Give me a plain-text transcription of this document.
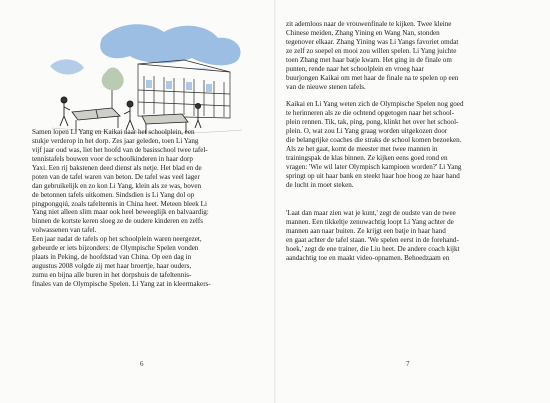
Samen lopen Li Yang en Kaikai naar het schoolplein, een
stukje verderop in het dorp. Zes jaar geleden, toen Li Yang
vijf jaar oud was, liet het hoofd van de basisschool twee tafel-
tennistafels bouwen voor de schoolkinderen in haar dorp
Yaxi. Een rij bakstenen deed dienst als netje. Het blad en de
poten van de tafel waren van beton. De tafel was veel lager
dan gebruikelijk en zo kon Li Yang, klein als ze was, boven
de betonnen tafels uitkomen. Sindsdien is Li Yang dol op
pingpongqiú, zoals tafeltennis in China heet. Meteen bleek Li
Yang niet alleen slim maar ook heel beweeglijk en balvaardig:
binnen de kortste keren sloeg ze de oudere kinderen en zelfs
volwassenen van tafel.
Een jaar nadat de tafels op het schoolplein waren neergezet,
gebeurde er iets bijzonders: de Olympische Spelen vonden
plaats in Peking, de hoofdstad van China. Op een dag in
augustus 2008 volgde zij met haar broertje, haar ouders,
zumu en bijna alle buren in het dorpshuis de tafeltennis-
finales van de Olympische Spelen. Li Yang zat in kleermakers-
6
zit ademloos naar de vrouwenfinale te kijken. Twee kleine
Chinese meiden, Zhang Yining en Wang Nan, stonden
tegenover elkaar. Zhang Yining was Li Yangs favoriet omdat
ze zelf zo soepel en mooi zou willen spelen. Li Yang juichte
toen Zhang met haar batje kwam. Het ging in de finale om
punten, rende naar het schoolplein en vroeg haar
buurjongen Kaikai om met haar de finale na te spelen op een
van de nieuwe stenen tafels.
Kaikai en Li Yang weten zich de Olympische Spelen nog goed
te herinneren als ze die ochtend opgetogen naar het school-
plein rennen. Tik, tak, ping, pong, klinkt het over het school-
plein. O, wat zou Li Yang graag worden uitgekozen door
die belangrijke coaches die straks de school komen bezoeken.
Als ze het gaat, komt de meester met twee mannen in
trainingspak de klas binnen. Ze kijken eens goed rond en
vragen: 'Wie wil later Olympisch kampioen worden?' Li Yang
springt op uit haar bank en steekt haar hoe hoog ze haar hand
de lucht in moet steken.
'Laat dan maar zien wat je kunt,' zegt de oudste van de twee
mannen. Een tikkeltje zenuwachtig loopt Li Yang achter de
mannen aan naar buiten. Ze krijgt een batje in haar hand
en gaat achter de tafel staan. 'We spelen eerst in de forehand-
hoek,' zegt de ene trainer, die Liu heet. De andere coach kijkt
aandachtig toe en maakt video-opnamen. Behoedzaam en
7
